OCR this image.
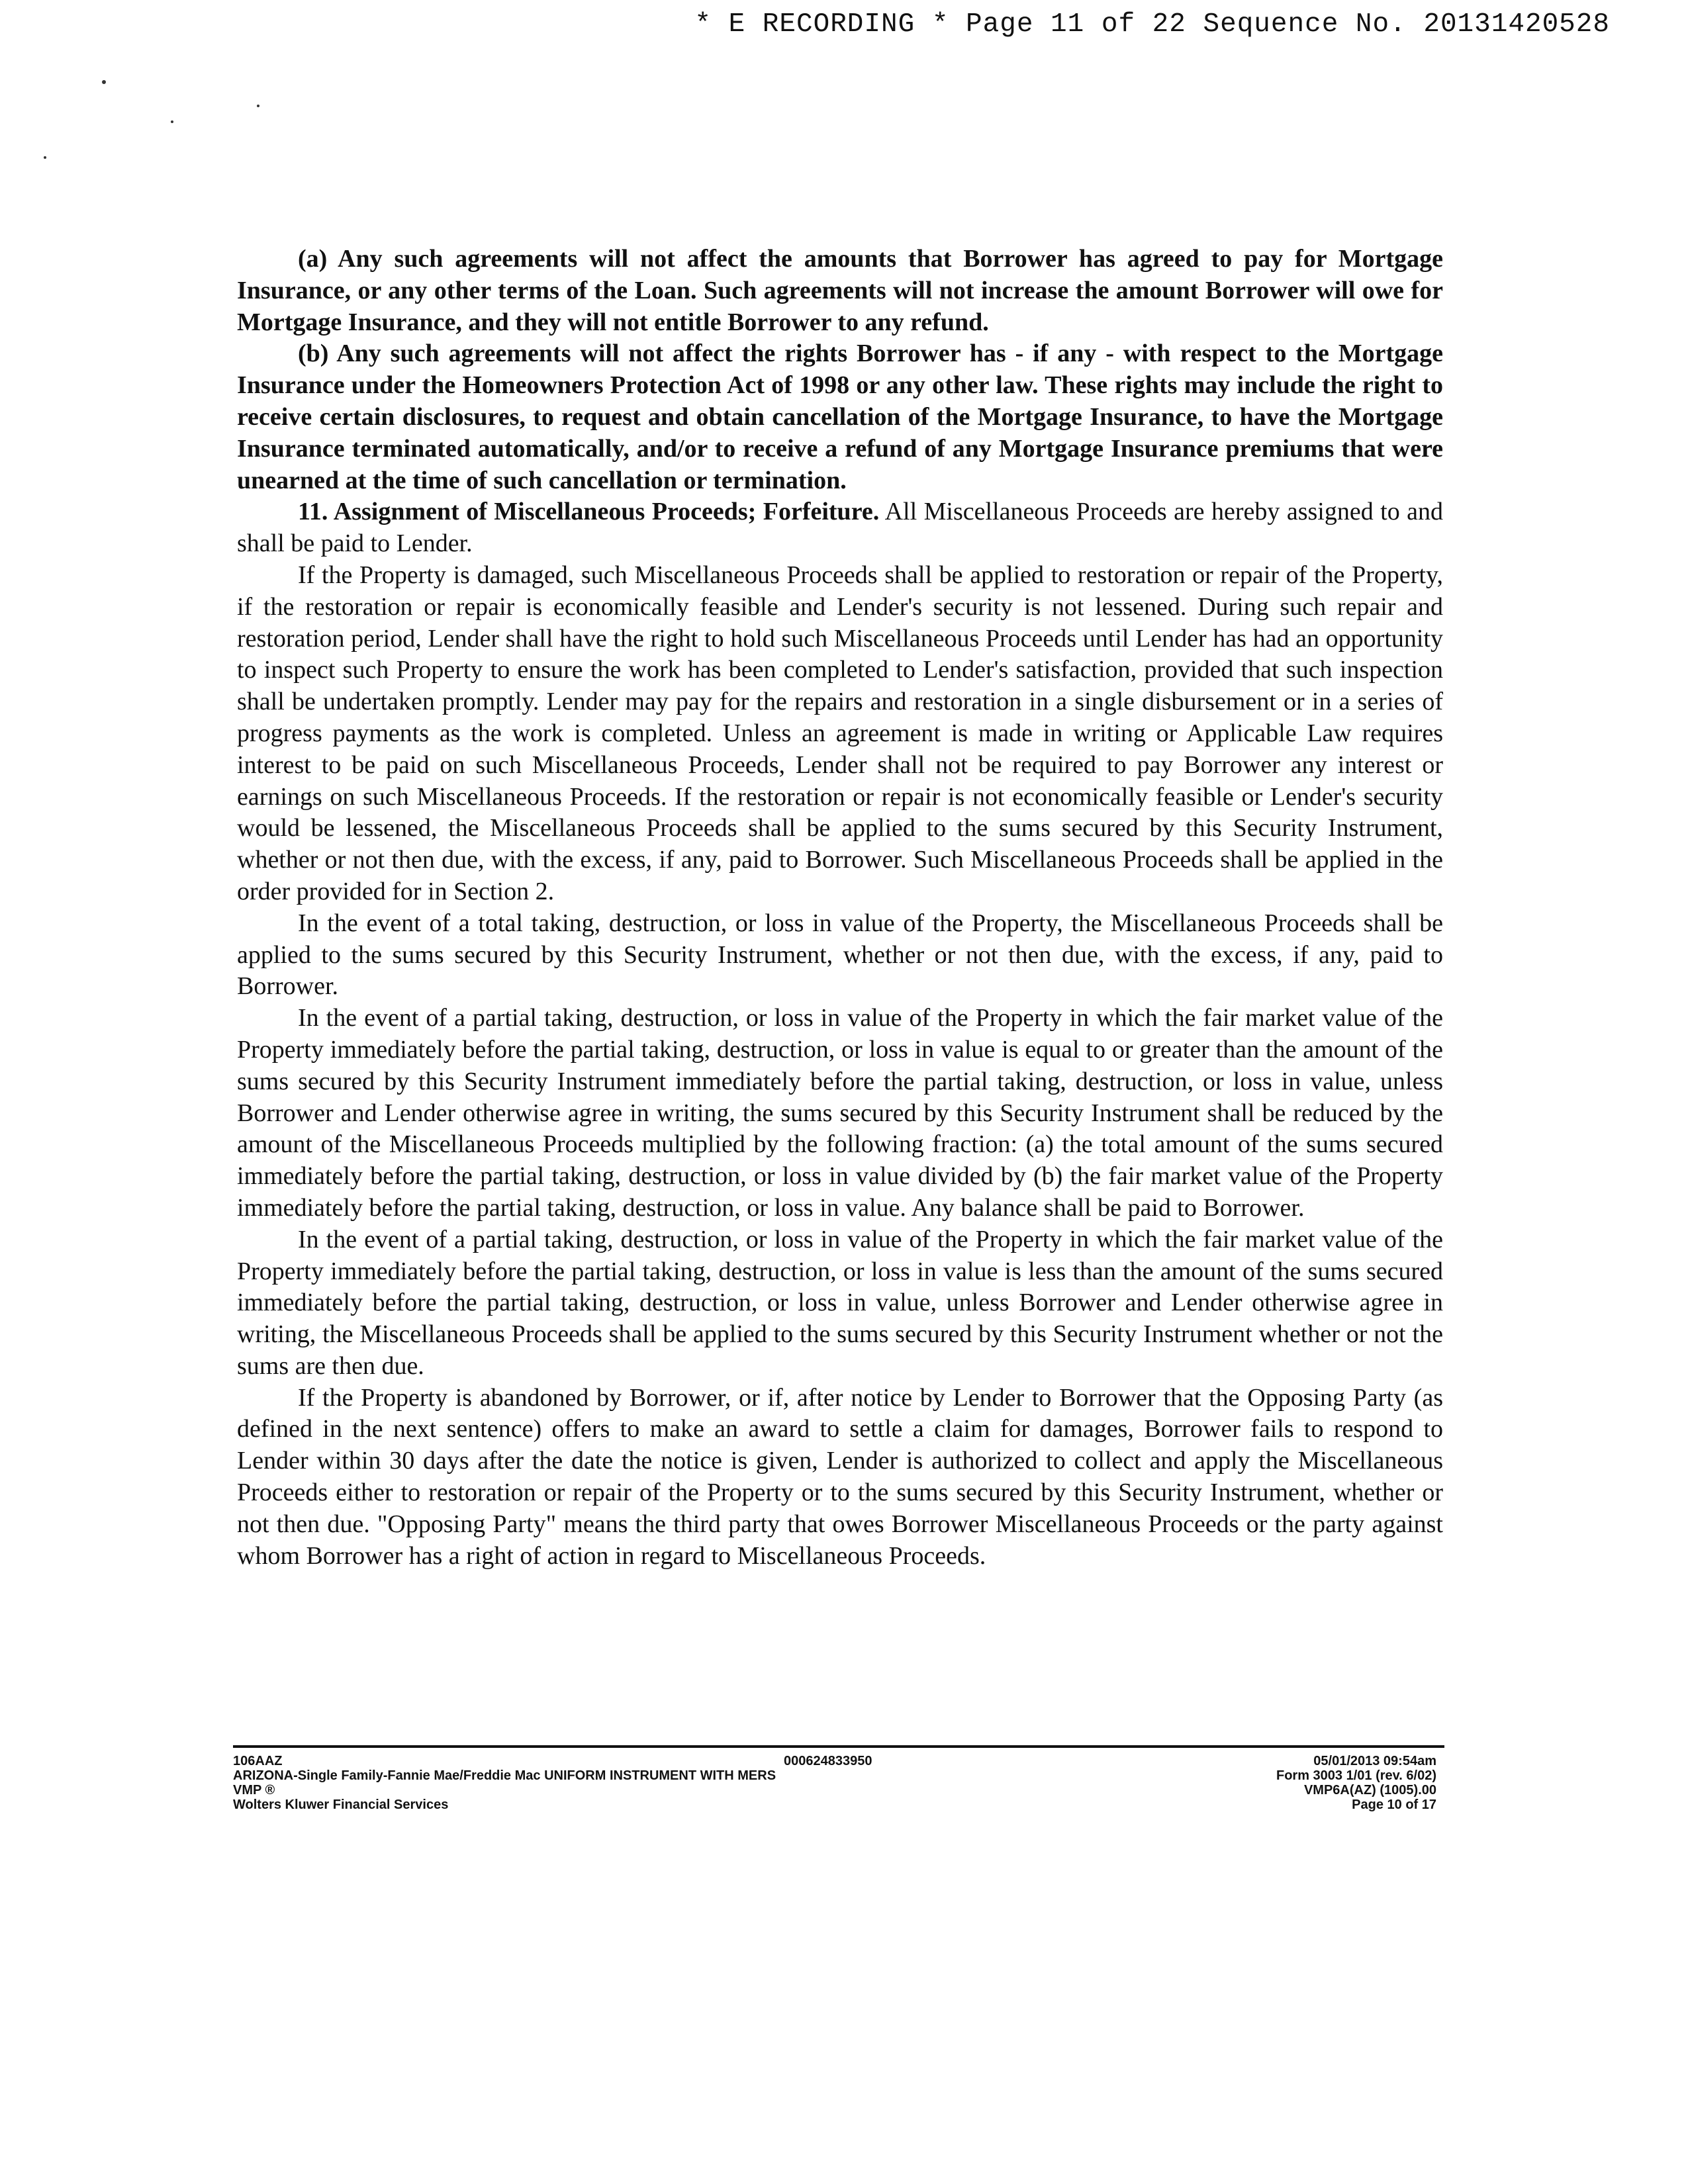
* E RECORDING * Page 11 of 22 Sequence No. 20131420528

(a) Any such agreements will not affect the amounts that Borrower has agreed to pay for Mortgage Insurance, or any other terms of the Loan. Such agreements will not increase the amount Borrower will owe for Mortgage Insurance, and they will not entitle Borrower to any refund.

(b) Any such agreements will not affect the rights Borrower has - if any - with respect to the Mortgage Insurance under the Homeowners Protection Act of 1998 or any other law. These rights may include the right to receive certain disclosures, to request and obtain cancellation of the Mortgage Insurance, to have the Mortgage Insurance terminated automatically, and/or to receive a refund of any Mortgage Insurance premiums that were unearned at the time of such cancellation or termination.

11. Assignment of Miscellaneous Proceeds; Forfeiture. All Miscellaneous Proceeds are hereby assigned to and shall be paid to Lender.

If the Property is damaged, such Miscellaneous Proceeds shall be applied to restoration or repair of the Property, if the restoration or repair is economically feasible and Lender's security is not lessened. During such repair and restoration period, Lender shall have the right to hold such Miscellaneous Proceeds until Lender has had an opportunity to inspect such Property to ensure the work has been completed to Lender's satisfaction, provided that such inspection shall be undertaken promptly. Lender may pay for the repairs and restoration in a single disbursement or in a series of progress payments as the work is completed. Unless an agreement is made in writing or Applicable Law requires interest to be paid on such Miscellaneous Proceeds, Lender shall not be required to pay Borrower any interest or earnings on such Miscellaneous Proceeds. If the restoration or repair is not economically feasible or Lender's security would be lessened, the Miscellaneous Proceeds shall be applied to the sums secured by this Security Instrument, whether or not then due, with the excess, if any, paid to Borrower. Such Miscellaneous Proceeds shall be applied in the order provided for in Section 2.

In the event of a total taking, destruction, or loss in value of the Property, the Miscellaneous Proceeds shall be applied to the sums secured by this Security Instrument, whether or not then due, with the excess, if any, paid to Borrower.

In the event of a partial taking, destruction, or loss in value of the Property in which the fair market value of the Property immediately before the partial taking, destruction, or loss in value is equal to or greater than the amount of the sums secured by this Security Instrument immediately before the partial taking, destruction, or loss in value, unless Borrower and Lender otherwise agree in writing, the sums secured by this Security Instrument shall be reduced by the amount of the Miscellaneous Proceeds multiplied by the following fraction: (a) the total amount of the sums secured immediately before the partial taking, destruction, or loss in value divided by (b) the fair market value of the Property immediately before the partial taking, destruction, or loss in value. Any balance shall be paid to Borrower.

In the event of a partial taking, destruction, or loss in value of the Property in which the fair market value of the Property immediately before the partial taking, destruction, or loss in value is less than the amount of the sums secured immediately before the partial taking, destruction, or loss in value, unless Borrower and Lender otherwise agree in writing, the Miscellaneous Proceeds shall be applied to the sums secured by this Security Instrument whether or not the sums are then due.

If the Property is abandoned by Borrower, or if, after notice by Lender to Borrower that the Opposing Party (as defined in the next sentence) offers to make an award to settle a claim for damages, Borrower fails to respond to Lender within 30 days after the date the notice is given, Lender is authorized to collect and apply the Miscellaneous Proceeds either to restoration or repair of the Property or to the sums secured by this Security Instrument, whether or not then due. "Opposing Party" means the third party that owes Borrower Miscellaneous Proceeds or the party against whom Borrower has a right of action in regard to Miscellaneous Proceeds.

106AAZ
ARIZONA-Single Family-Fannie Mae/Freddie Mac UNIFORM INSTRUMENT WITH MERS
VMP ®
Wolters Kluwer Financial Services
000624833950	05/01/2013 09:54am
Form 3003 1/01 (rev. 6/02)
VMP6A(AZ) (1005).00
Page 10 of 17
